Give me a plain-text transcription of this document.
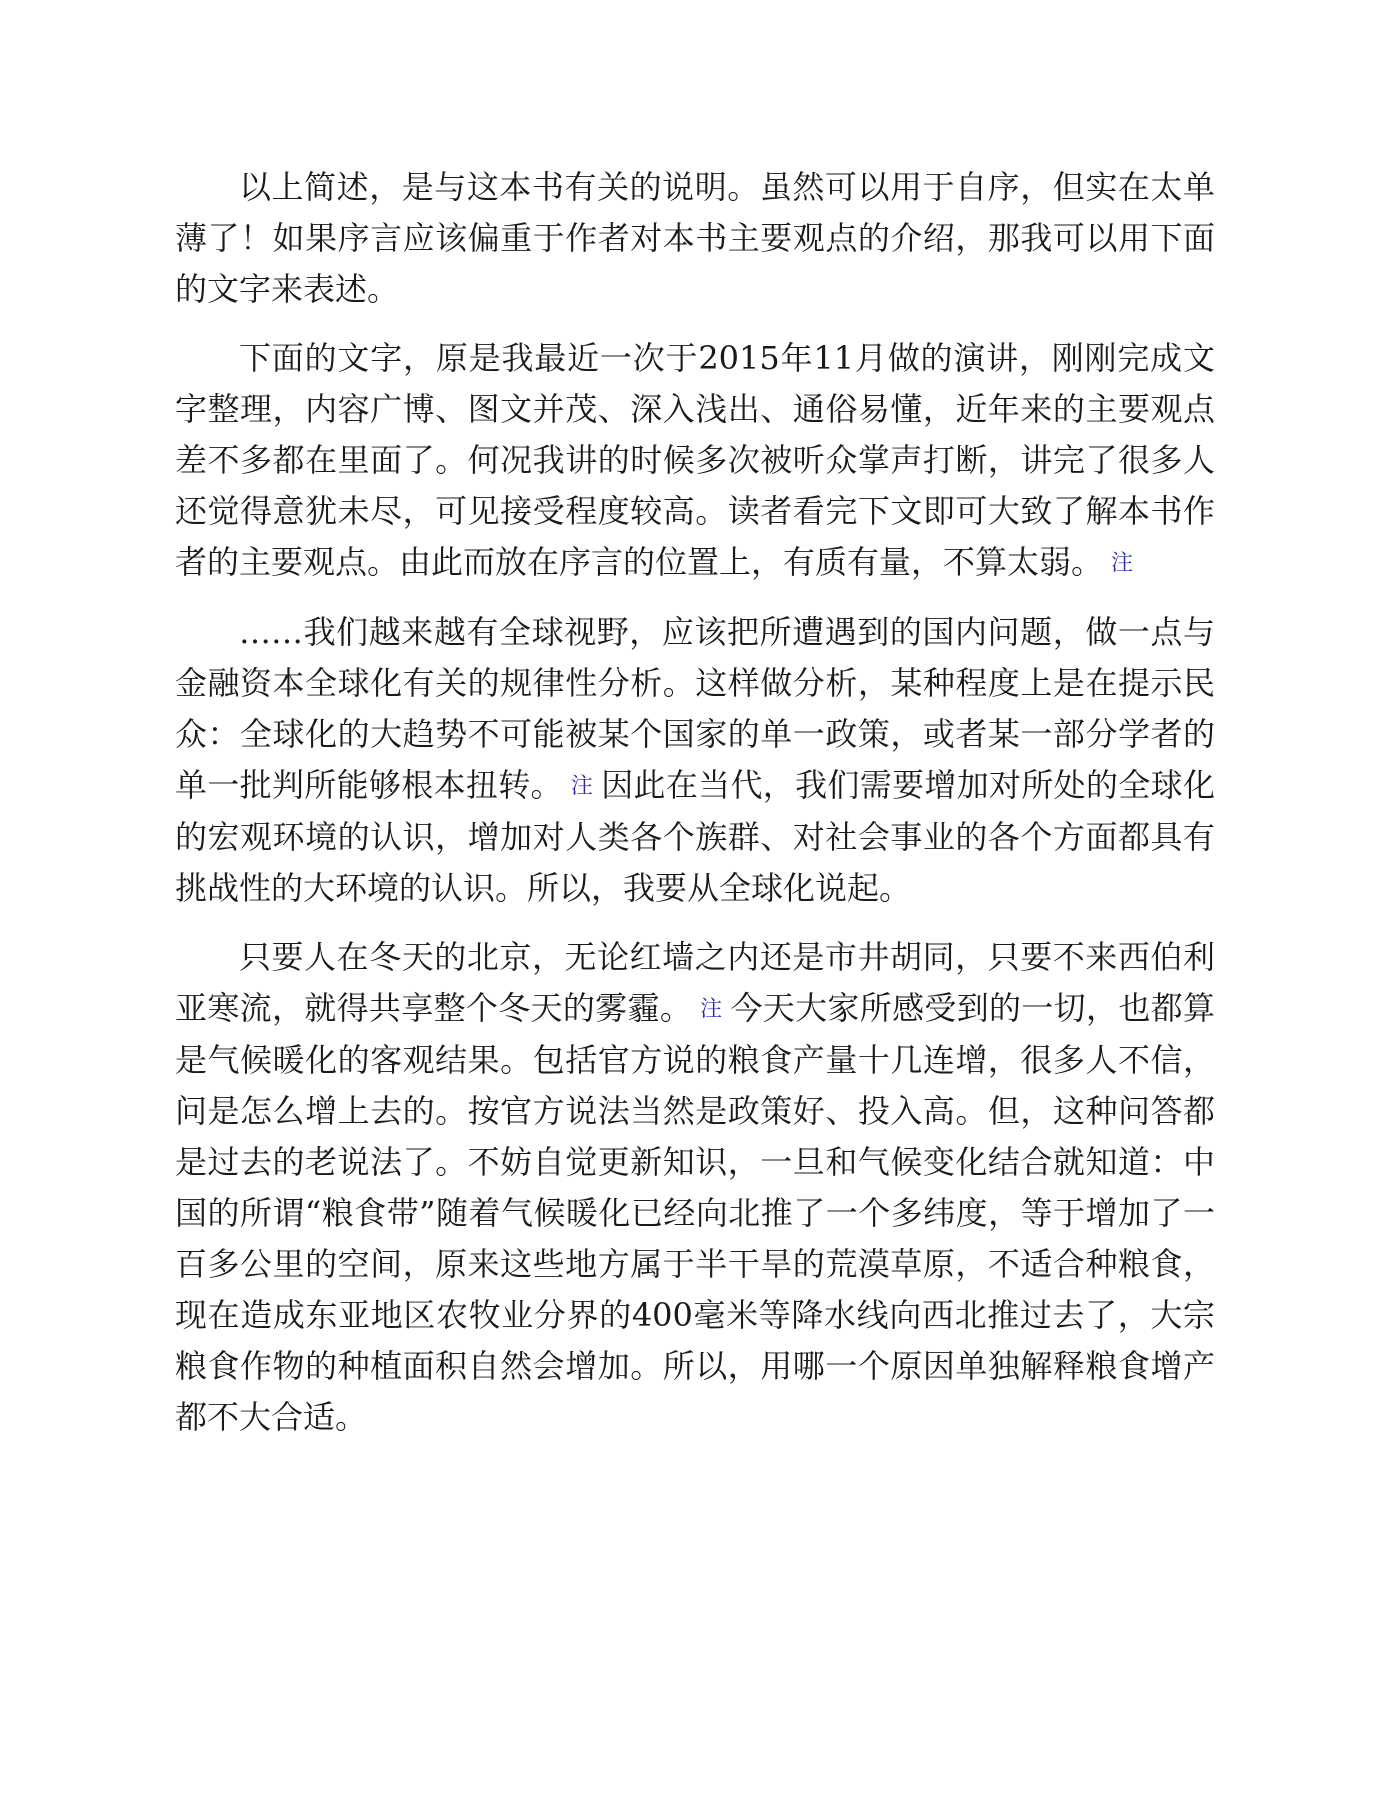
以上简述，是与这本书有关的说明。虽然可以用于自序，但实在太单薄了！如果序言应该偏重于作者对本书主要观点的介绍，那我可以用下面的文字来表述。

下面的文字，原是我最近一次于2015年11月做的演讲，刚刚完成文字整理，内容广博、图文并茂、深入浅出、通俗易懂，近年来的主要观点差不多都在里面了。何况我讲的时候多次被听众掌声打断，讲完了很多人还觉得意犹未尽，可见接受程度较高。读者看完下文即可大致了解本书作者的主要观点。由此而放在序言的位置上，有质有量，不算太弱。 注

……我们越来越有全球视野，应该把所遭遇到的国内问题，做一点与金融资本全球化有关的规律性分析。这样做分析，某种程度上是在提示民众：全球化的大趋势不可能被某个国家的单一政策，或者某一部分学者的单一批判所能够根本扭转。 注 因此在当代，我们需要增加对所处的全球化的宏观环境的认识，增加对人类各个族群、对社会事业的各个方面都具有挑战性的大环境的认识。所以，我要从全球化说起。

只要人在冬天的北京，无论红墙之内还是市井胡同，只要不来西伯利亚寒流，就得共享整个冬天的雾霾。 注 今天大家所感受到的一切，也都算是气候暖化的客观结果。包括官方说的粮食产量十几连增，很多人不信，问是怎么增上去的。按官方说法当然是政策好、投入高。但，这种问答都是过去的老说法了。不妨自觉更新知识，一旦和气候变化结合就知道：中国的所谓“粮食带”随着气候暖化已经向北推了一个多纬度，等于增加了一百多公里的空间，原来这些地方属于半干旱的荒漠草原，不适合种粮食，现在造成东亚地区农牧业分界的400毫米等降水线向西北推过去了，大宗粮食作物的种植面积自然会增加。所以，用哪一个原因单独解释粮食增产都不大合适。
